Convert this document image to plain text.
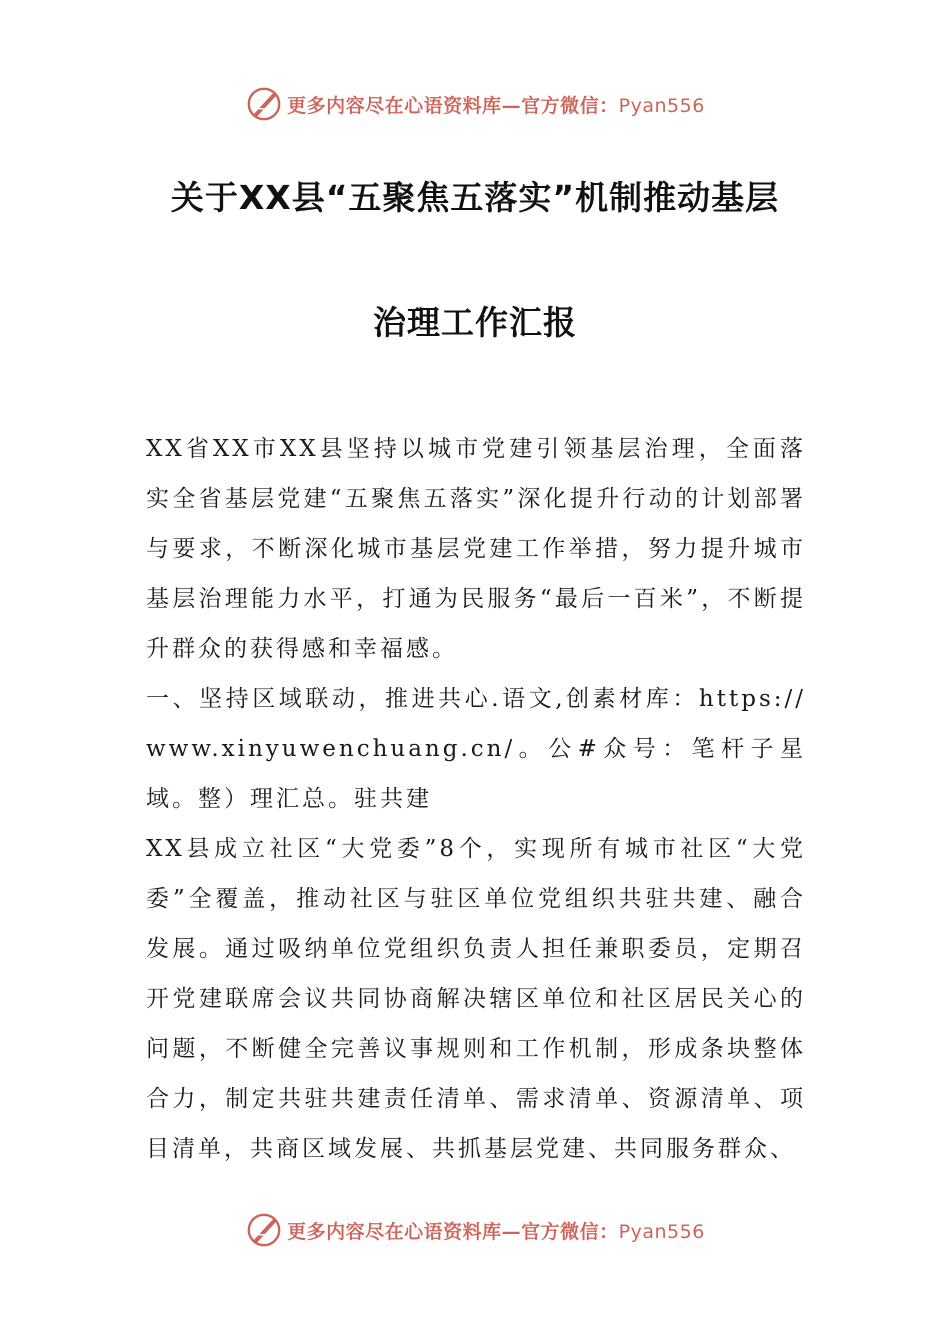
更多内容尽在心语资料库—官方微信：Pyan556
关于XX县“五聚焦五落实”机制推动基层
治理工作汇报

XX省XX市XX县坚持以城市党建引领基层治理，全面落实全省基层党建“五聚焦五落实”深化提升行动的计划部署与要求，不断深化城市基层党建工作举措，努力提升城市基层治理能力水平，打通为民服务“最后一百米”，不断提升群众的获得感和幸福感。

一、坚持区域联动，推进共心.语文,创素材库：https://www.xinyuwenchuang.cn/。公#众号：笔杆子星域。整）理汇总。驻共建

XX县成立社区“大党委”8个，实现所有城市社区“大党委”全覆盖，推动社区与驻区单位党组织共驻共建、融合发展。通过吸纳单位党组织负责人担任兼职委员，定期召开党建联席会议共同协商解决辖区单位和社区居民关心的问题，不断健全完善议事规则和工作机制，形成条块整体合力，制定共驻共建责任清单、需求清单、资源清单、项目清单，共商区域发展、共抓基层党建、共同服务群众、

更多内容尽在心语资料库—官方微信：Pyan556
